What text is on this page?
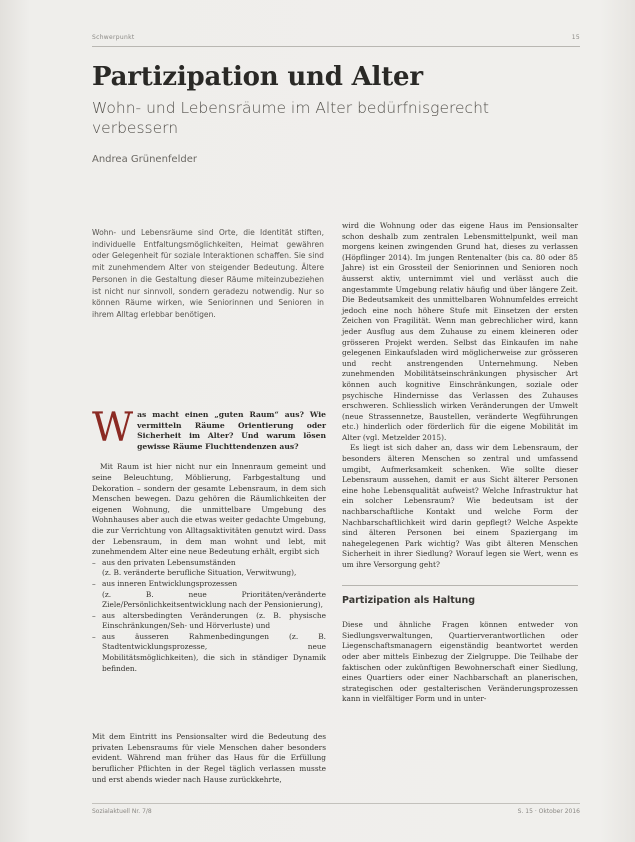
Schwerpunkt	15
Partizipation und Alter
Wohn- und Lebensräume im Alter bedürfnisgerecht verbessern
Andrea Grünenfelder
Wohn- und Lebensräume sind Orte, die Identität stiften, individuelle Entfaltungsmöglichkeiten, Heimat gewähren oder Gelegenheit für soziale Interaktionen schaffen. Sie sind mit zunehmendem Alter von steigender Bedeutung. Ältere Personen in die Gestaltung dieser Räume miteinzubeziehen ist nicht nur sinnvoll, sondern geradezu notwendig. Nur so können Räume wirken, wie Seniorinnen und Senioren in ihrem Alltag erlebbar benötigen.
W as macht einen „guten Raum“ aus? Wie vermitteln Räume Orientierung oder Sicherheit im Alter? Und warum lösen gewisse Räume Fluchttendenzen aus?

Mit Raum ist hier nicht nur ein Innenraum gemeint und seine Beleuchtung, Möblierung, Farbgestaltung und Dekoration – sondern der gesamte Lebensraum, in dem sich Menschen bewegen. Dazu gehören die Räumlichkeiten der eigenen Wohnung, die unmittelbare Umgebung des Wohnhauses aber auch die etwas weiter gedachte Umgebung, die zur Verrichtung von Alltagsaktivitäten genutzt wird. Dass der Lebensraum, in dem man wohnt und lebt, mit zunehmendem Alter eine neue Bedeutung erhält, ergibt sich

– aus den privaten Lebensumständen
(z. B. veränderte berufliche Situation, Verwitwung),
– aus inneren Entwicklungsprozessen
(z. B. neue Prioritäten/veränderte Ziele/Persönlichkeitsentwicklung nach der Pensionierung),
– aus altersbedingten Veränderungen (z. B. physische Einschränkungen/Seh- und Hörverluste) und
– aus äusseren Rahmenbedingungen (z. B. Stadtentwicklungsprozesse, neue Mobilitätsmöglichkeiten), die sich in ständiger Dynamik befinden.

Mit dem Eintritt ins Pensionsalter wird die Bedeutung des privaten Lebensraums für viele Menschen daher besonders evident. Während man früher das Haus für die Erfüllung beruflicher Pflichten in der Regel täglich verlassen musste und erst abends wieder nach Hause zurückkehrte,

wird die Wohnung oder das eigene Haus im Pensionsalter schon deshalb zum zentralen Lebensmittelpunkt, weil man morgens keinen zwingenden Grund hat, dieses zu verlassen (Höpflinger 2014). Im jungen Rentenalter (bis ca. 80 oder 85 Jahre) ist ein Grossteil der Seniorinnen und Senioren noch äusserst aktiv, unternimmt viel und verlässt auch die angestammte Umgebung relativ häufig und über längere Zeit. Die Bedeutsamkeit des unmittelbaren Wohnumfeldes erreicht jedoch eine noch höhere Stufe mit Einsetzen der ersten Zeichen von Fragilität. Wenn man gebrechlicher wird, kann jeder Ausflug aus dem Zuhause zu einem kleineren oder grösseren Projekt werden. Selbst das Einkaufen im nahe gelegenen Einkaufsladen wird möglicherweise zur grösseren und recht anstrengenden Unternehmung. Neben zunehmenden Mobilitätseinschränkungen physischer Art können auch kognitive Einschränkungen, soziale oder psychische Hindernisse das Verlassen des Zuhauses erschweren. Schliesslich wirken Veränderungen der Umwelt (neue Strassennetze, Baustellen, veränderte Wegführungen etc.) hinderlich oder förderlich für die eigene Mobilität im Alter (vgl. Metzelder 2015).

Es liegt ist sich daher an, dass wir dem Lebensraum, der besonders älteren Menschen so zentral und umfassend umgibt, Aufmerksamkeit schenken. Wie sollte dieser Lebensraum aussehen, damit er aus Sicht älterer Personen eine hohe Lebensqualität aufweist? Welche Infrastruktur hat ein solcher Lebensraum? Wie bedeutsam ist der nachbarschaftliche Kontakt und welche Form der Nachbarschaftlichkeit wird darin gepflegt? Welche Aspekte sind älteren Personen bei einem Spaziergang im nahegelegenen Park wichtig? Was gibt älteren Menschen Sicherheit in ihrer Siedlung? Worauf legen sie Wert, wenn es um ihre Versorgung geht?

Partizipation als Haltung

Diese und ähnliche Fragen können entweder von Siedlungsverwaltungen, Quartierverantwortlichen oder Liegenschaftsmanagern eigenständig beantwortet werden oder aber mittels Einbezug der Zielgruppe. Die Teilhabe der faktischen oder zukünftigen Bewohnerschaft einer Siedlung, eines Quartiers oder einer Nachbarschaft an planerischen, strategischen oder gestalterischen Veränderungsprozessen kann in vielfältiger Form und in unter-

Sozialaktuell Nr. 7/8	S. 15 · Oktober 2016
